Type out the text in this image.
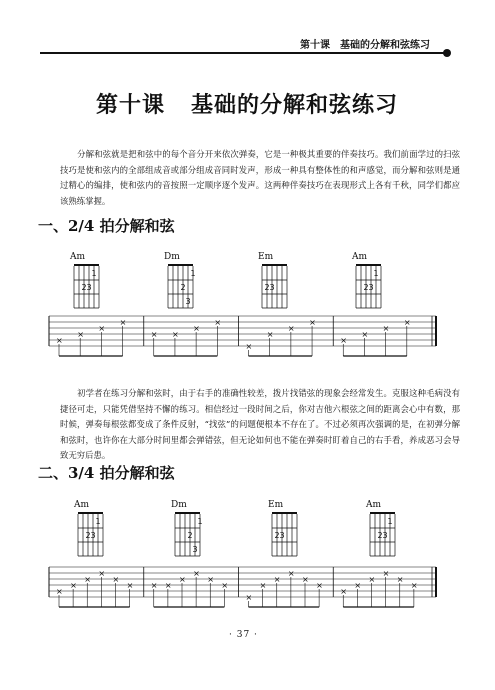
第十课　基础的分解和弦练习
第十课 基础的分解和弦练习
分解和弦就是把和弦中的每个音分开来依次弹奏，它是一种极其重要的伴奏技巧。我们前面学过的扫弦技巧是使和弦内的全部组成音或部分组成音同时发声，形成一种具有整体性的和声感觉，而分解和弦则是通过精心的编排，使和弦内的音按照一定顺序逐个发声。这两种伴奏技巧在表现形式上各有千秋，同学们都应该熟练掌握。
一、2/4 拍分解和弦
初学者在练习分解和弦时，由于右手的准确性较差，拨片找错弦的现象会经常发生。克服这种毛病没有捷径可走，只能凭借坚持不懈的练习。相信经过一段时间之后，你对吉他六根弦之间的距离会心中有数，那时候，弹奏每根弦都变成了条件反射，“找弦”的问题便根本不存在了。不过必须再次强调的是，在初弹分解和弦时，也许你在大部分时间里都会弹错弦，但无论如何也不能在弹奏时盯着自己的右手看，养成恶习会导致无穷后患。
二、3/4 拍分解和弦
Am	Dm	Em	Am
Am	Dm	Em	Am
1
2 3
1
2
3
2 3
1
2 3
×
×
×
×
× ×
×
×
×
×
×
×
×
×
×
×
1
2 3
1
2
3
2 3
1
2 3
×
×
×
×
×
× × ×
×
×
×
×
×
×
×
×
×
×
×
×
×
×
×
×
· 37 ·
